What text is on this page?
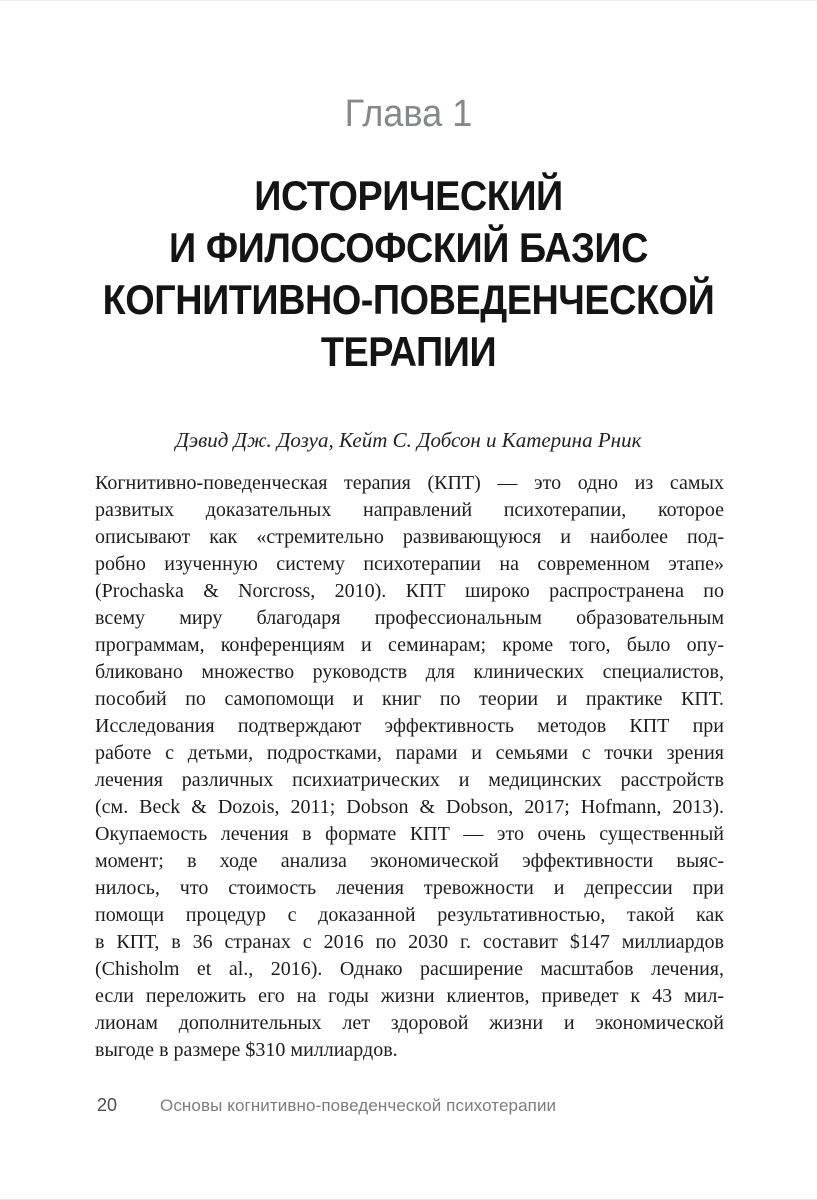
Глава 1
ИСТОРИЧЕСКИЙ
И ФИЛОСОФСКИЙ БАЗИС
КОГНИТИВНО-ПОВЕДЕНЧЕСКОЙ
ТЕРАПИИ
Дэвид Дж. Дозуа, Кейт С. Добсон и Катерина Рник
Когнитивно-поведенческая терапия (КПТ) — это одно из самых
развитых доказательных направлений психотерапии, которое
описывают как «стремительно развивающуюся и наиболее под-
робно изученную систему психотерапии на современном этапе»
(Prochaska & Norcross, 2010). КПТ широко распространена по
всему миру благодаря профессиональным образовательным
программам, конференциям и семинарам; кроме того, было опу-
бликовано множество руководств для клинических специалистов,
пособий по самопомощи и книг по теории и практике КПТ.
Исследования подтверждают эффективность методов КПТ при
работе с детьми, подростками, парами и семьями с точки зрения
лечения различных психиатрических и медицинских расстройств
(см. Beck & Dozois, 2011; Dobson & Dobson, 2017; Hofmann, 2013).
Окупаемость лечения в формате КПТ — это очень существенный
момент; в ходе анализа экономической эффективности выяс-
нилось, что стоимость лечения тревожности и депрессии при
помощи процедур с доказанной результативностью, такой как
в КПТ, в 36 странах с 2016 по 2030 г. составит $147 миллиардов
(Chisholm et al., 2016). Однако расширение масштабов лечения,
если переложить его на годы жизни клиентов, приведет к 43 мил-
лионам дополнительных лет здоровой жизни и экономической
выгоде в размере $310 миллиардов.
20	Основы когнитивно-поведенческой психотерапии
